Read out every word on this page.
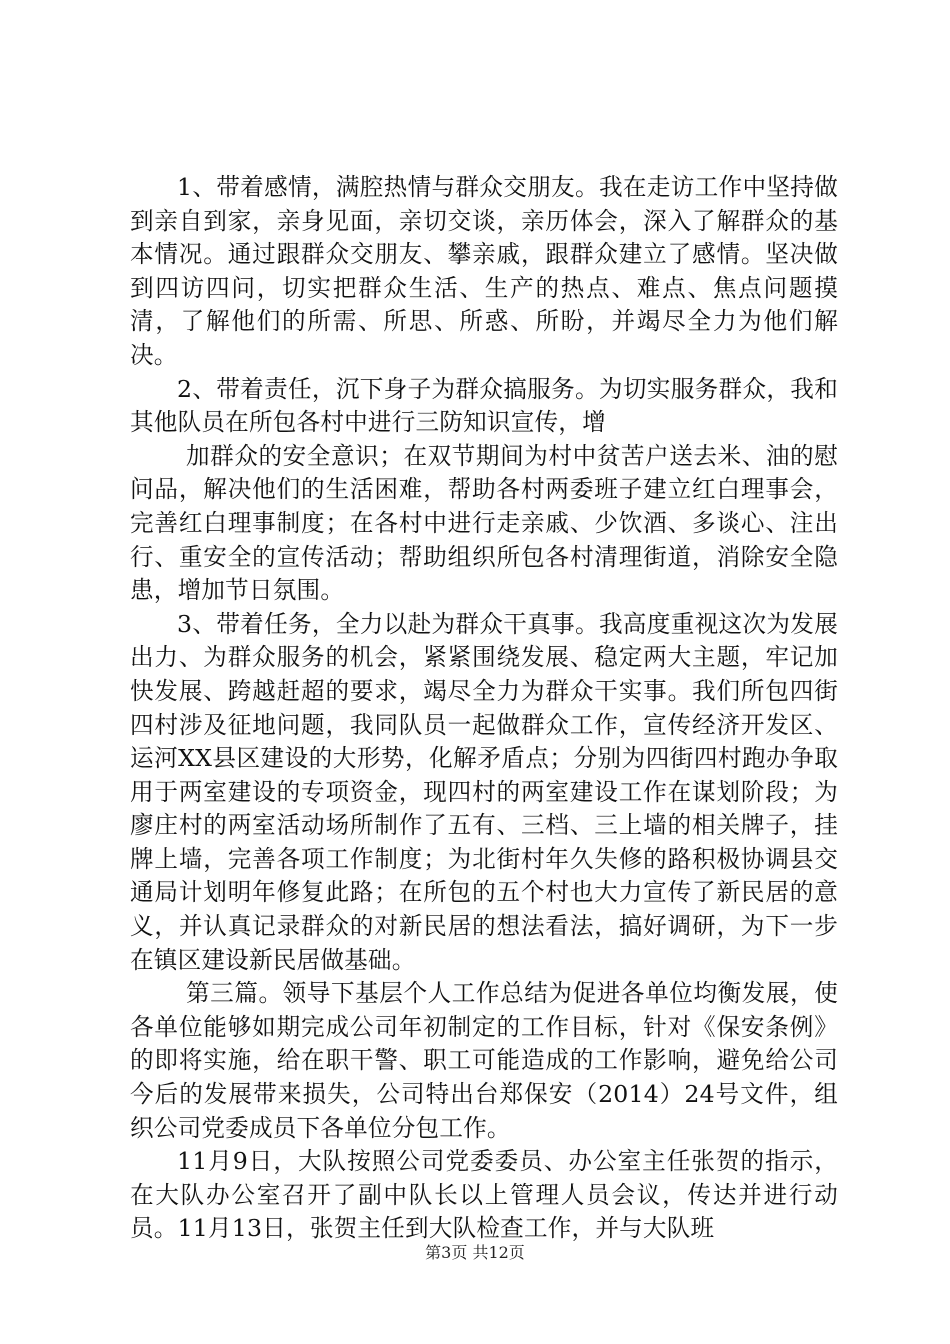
1、带着感情，满腔热情与群众交朋友。我在走访工作中坚持做到亲自到家，亲身见面，亲切交谈，亲历体会，深入了解群众的基本情况。通过跟群众交朋友、攀亲戚，跟群众建立了感情。坚决做到四访四问，切实把群众生活、生产的热点、难点、焦点问题摸清，了解他们的所需、所思、所惑、所盼，并竭尽全力为他们解决。

2、带着责任，沉下身子为群众搞服务。为切实服务群众，我和其他队员在所包各村中进行三防知识宣传，增

加群众的安全意识；在双节期间为村中贫苦户送去米、油的慰问品，解决他们的生活困难，帮助各村两委班子建立红白理事会，完善红白理事制度；在各村中进行走亲戚、少饮酒、多谈心、注出行、重安全的宣传活动；帮助组织所包各村清理街道，消除安全隐患，增加节日氛围。

3、带着任务，全力以赴为群众干真事。我高度重视这次为发展出力、为群众服务的机会，紧紧围绕发展、稳定两大主题，牢记加快发展、跨越赶超的要求，竭尽全力为群众干实事。我们所包四街四村涉及征地问题，我同队员一起做群众工作，宣传经济开发区、运河XX县区建设的大形势，化解矛盾点；分别为四街四村跑办争取用于两室建设的专项资金，现四村的两室建设工作在谋划阶段；为廖庄村的两室活动场所制作了五有、三档、三上墙的相关牌子，挂牌上墙，完善各项工作制度；为北街村年久失修的路积极协调县交通局计划明年修复此路；在所包的五个村也大力宣传了新民居的意义，并认真记录群众的对新民居的想法看法，搞好调研，为下一步在镇区建设新民居做基础。

第三篇。领导下基层个人工作总结为促进各单位均衡发展，使各单位能够如期完成公司年初制定的工作目标，针对《保安条例》的即将实施，给在职干警、职工可能造成的工作影响，避免给公司今后的发展带来损失，公司特出台郑保安（2014）24号文件，组织公司党委成员下各单位分包工作。

11月9日，大队按照公司党委委员、办公室主任张贺的指示，在大队办公室召开了副中队长以上管理人员会议，传达并进行动员。11月13日，张贺主任到大队检查工作，并与大队班

第3页 共12页
